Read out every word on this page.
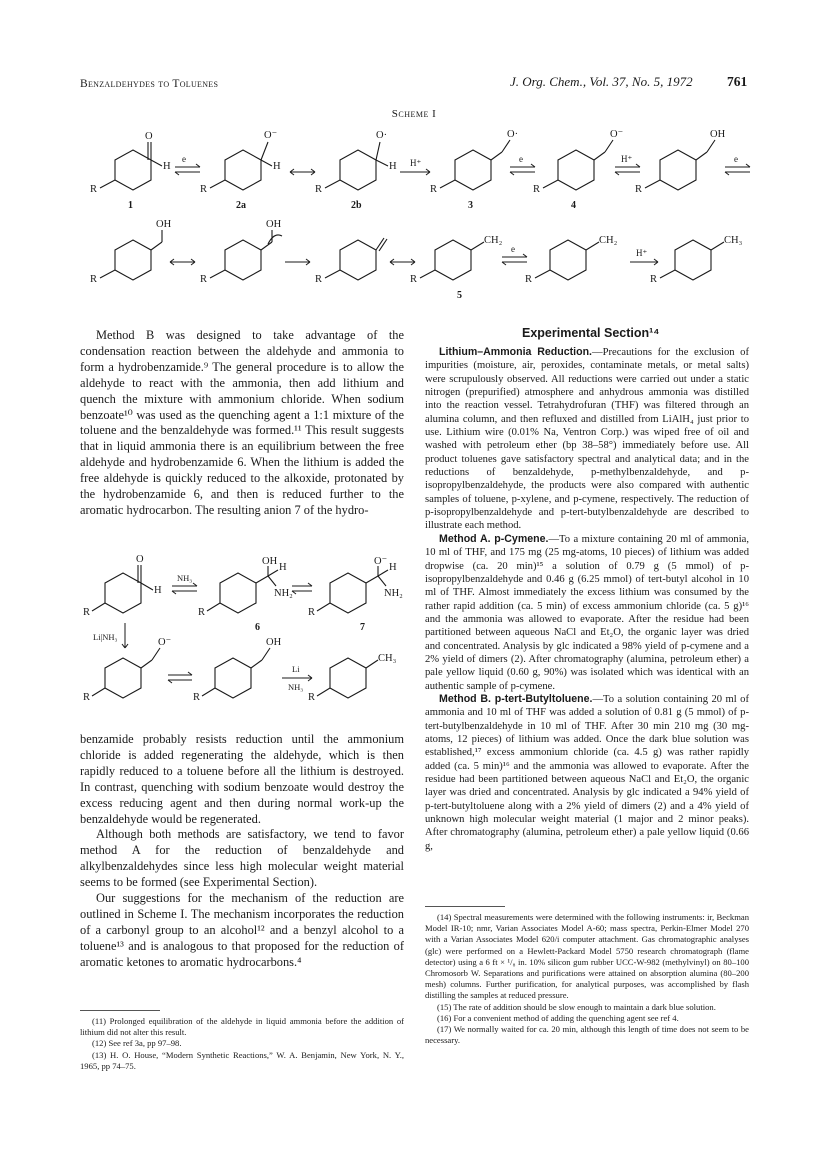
Benzaldehydes to Toluenes	J. Org. Chem., Vol. 37, No. 5, 1972	761
Scheme I
O
H
O⁻
H
O·
H
O·	O⁻	OH
OH	OH
CH₂	CH₂	CH₃
e	H⁺	e	H⁺	e
e	H⁺
R	R	R	R	R	R
R	R	R	R	R	R
1	2a	2b	3	4
5

Method B was designed to take advantage of the condensation reaction between the aldehyde and ammonia to form a hydrobenzamide.⁹ The general procedure is to allow the aldehyde to react with the ammonia, then add lithium and quench the mixture with ammonium chloride. When sodium benzoate¹⁰ was used as the quenching agent a 1:1 mixture of the toluene and the benzaldehyde was formed.¹¹ This result suggests that in liquid ammonia there is an equilibrium between the free aldehyde and hydrobenzamide 6. When the lithium is added the free aldehyde is quickly reduced to the alkoxide, protonated by the hydrobenzamide 6, and then is reduced further to the aromatic hydrocarbon. The resulting anion 7 of the hydro-

O
H
OH
H
NH₂
O⁻
H
NH₂
O⁻	OH
CH₃
NH₃
Li|NH₃
Li
NH₃
R	R	R
R	R	R
6	7

benzamide probably resists reduction until the ammonium chloride is added regenerating the aldehyde, which is then rapidly reduced to a toluene before all the lithium is destroyed. In contrast, quenching with sodium benzoate would destroy the excess reducing agent and then during normal work-up the benzaldehyde would be regenerated.

Although both methods are satisfactory, we tend to favor method A for the reduction of benzaldehyde and alkylbenzaldehydes since less high molecular weight material seems to be formed (see Experimental Section).

Our suggestions for the mechanism of the reduction are outlined in Scheme I. The mechanism incorporates the reduction of a carbonyl group to an alcohol¹² and a benzyl alcohol to a toluene¹³ and is analogous to that proposed for the reduction of aromatic ketones to aromatic hydrocarbons.⁴

(11) Prolonged equilibration of the aldehyde in liquid ammonia before the addition of lithium did not alter this result.

(12) See ref 3a, pp 97–98.

(13) H. O. House, “Modern Synthetic Reactions,” W. A. Benjamin, New York, N. Y., 1965, pp 74–75.

Experimental Section¹⁴

Lithium–Ammonia Reduction.—Precautions for the exclusion of impurities (moisture, air, peroxides, contaminate metals, or metal salts) were scrupulously observed. All reductions were carried out under a static nitrogen (prepurified) atmosphere and anhydrous ammonia was distilled into the reaction vessel. Tetrahydrofuran (THF) was filtered through an alumina column, and then refluxed and distilled from LiAlH₄ just prior to use. Lithium wire (0.01% Na, Ventron Corp.) was wiped free of oil and washed with petroleum ether (bp 38–58°) immediately before use. All product toluenes gave satisfactory spectral and analytical data; and in the reductions of benzaldehyde, p-methylbenzaldehyde, and p-isopropylbenzaldehyde, the products were also compared with authentic samples of toluene, p-xylene, and p-cymene, respectively. The reduction of p-isopropylbenzaldehyde and p-tert-butylbenzaldehyde are described to illustrate each method.

Method A. p-Cymene.—To a mixture containing 20 ml of ammonia, 10 ml of THF, and 175 mg (25 mg-atoms, 10 pieces) of lithium was added dropwise (ca. 20 min)¹⁵ a solution of 0.79 g (5 mmol) of p-isopropylbenzaldehyde and 0.46 g (6.25 mmol) of tert-butyl alcohol in 10 ml of THF. Almost immediately the excess lithium was consumed by the rather rapid addition (ca. 5 min) of excess ammonium chloride (ca. 5 g)¹⁶ and the ammonia was allowed to evaporate. After the residue had been partitioned between aqueous NaCl and Et₂O, the organic layer was dried and concentrated. Analysis by glc indicated a 98% yield of p-cymene and a 2% yield of dimers (2). After chromatography (alumina, petroleum ether) a pale yellow liquid (0.60 g, 90%) was isolated which was identical with an authentic sample of p-cymene.

Method B. p-tert-Butyltoluene.—To a solution containing 20 ml of ammonia and 10 ml of THF was added a solution of 0.81 g (5 mmol) of p-tert-butylbenzaldehyde in 10 ml of THF. After 30 min 210 mg (30 mg-atoms, 12 pieces) of lithium was added. Once the dark blue solution was established,¹⁷ excess ammonium chloride (ca. 4.5 g) was rather rapidly added (ca. 5 min)¹⁶ and the ammonia was allowed to evaporate. After the residue had been partitioned between aqueous NaCl and Et₂O, the organic layer was dried and concentrated. Analysis by glc indicated a 94% yield of p-tert-butyltoluene along with a 2% yield of dimers (2) and a 4% yield of unknown high molecular weight material (1 major and 2 minor peaks). After chromatography (alumina, petroleum ether) a pale yellow liquid (0.66 g,

(14) Spectral measurements were determined with the following instruments: ir, Beckman Model IR-10; nmr, Varian Associates Model A-60; mass spectra, Perkin-Elmer Model 270 with a Varian Associates Model 620/i computer attachment. Gas chromatographic analyses (glc) were performed on a Hewlett-Packard Model 5750 research chromatograph (flame detector) using a 6 ft × ¹/₈ in. 10% silicon gum rubber UCC-W-982 (methylvinyl) on 80–100 Chromosorb W. Separations and purifications were attained on absorption alumina (80–200 mesh) columns. Further purification, for analytical purposes, was accomplished by flash distilling the samples at reduced pressure.

(15) The rate of addition should be slow enough to maintain a dark blue solution.

(16) For a convenient method of adding the quenching agent see ref 4.

(17) We normally waited for ca. 20 min, although this length of time does not seem to be necessary.
